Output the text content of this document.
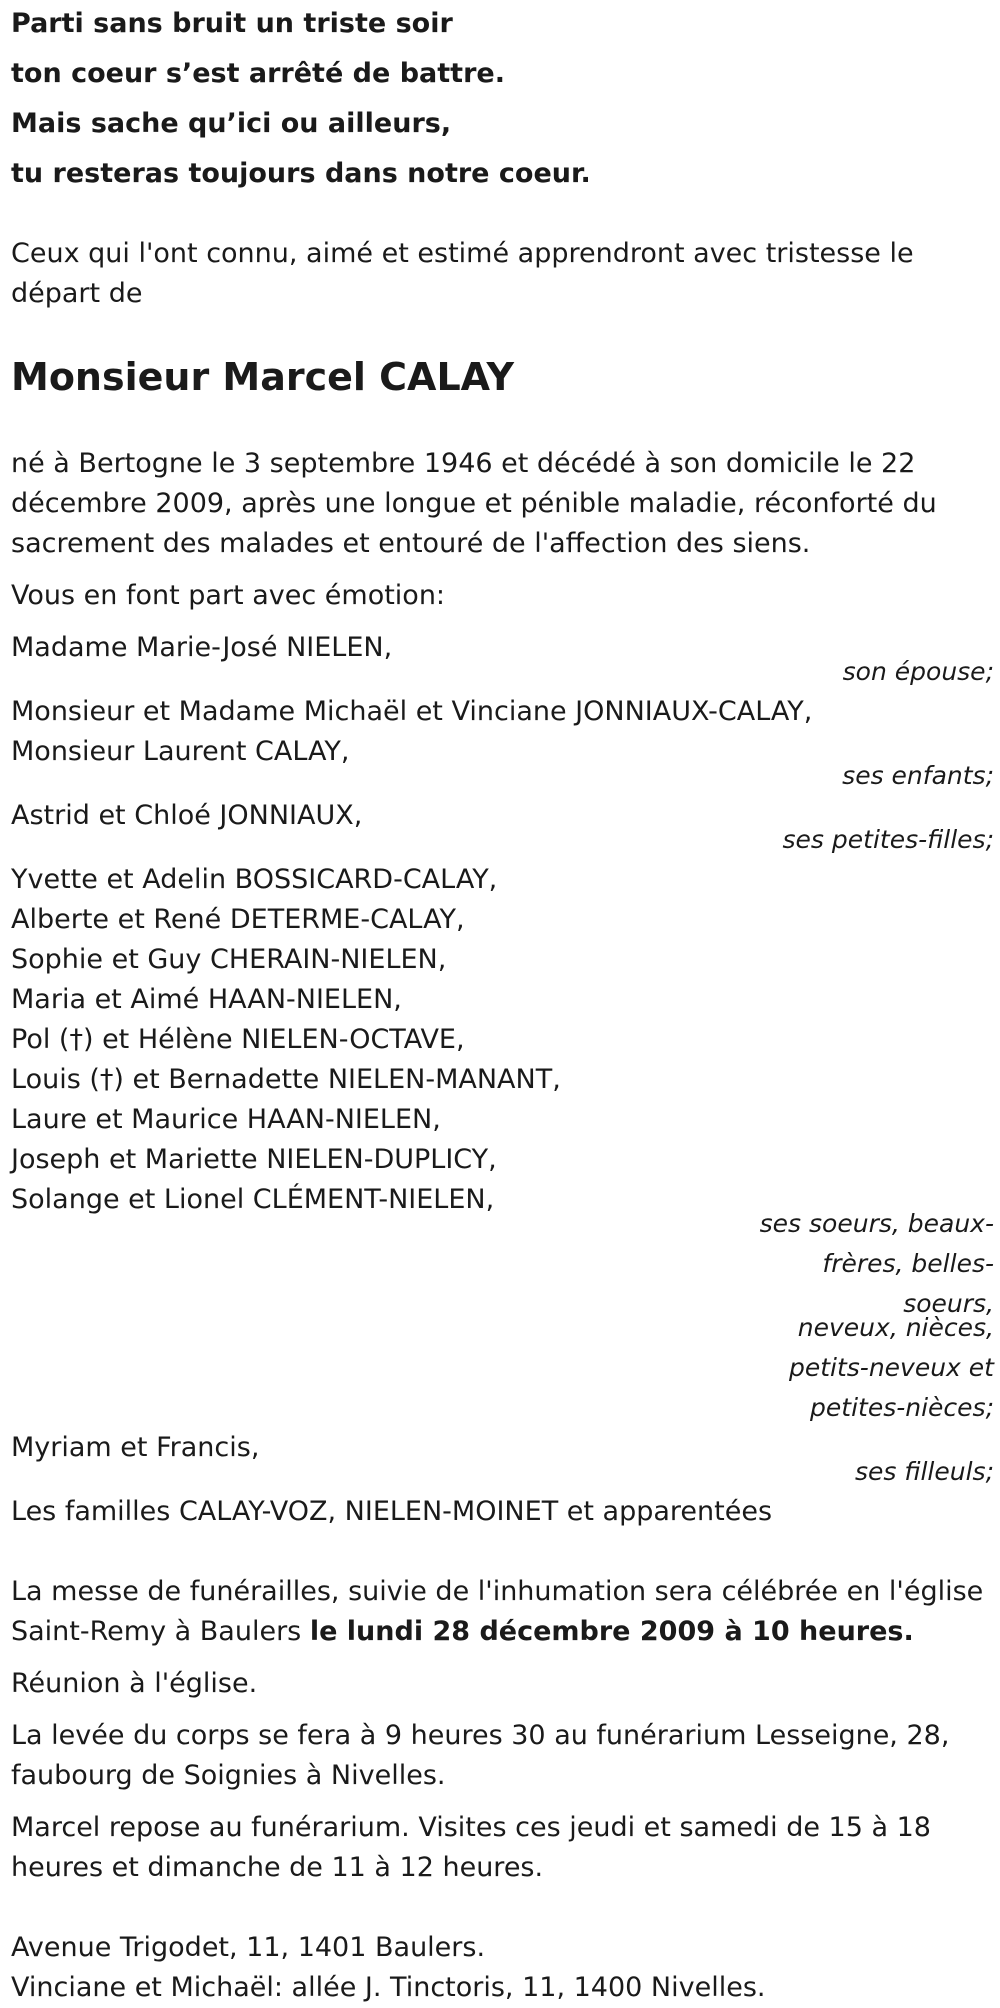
Parti sans bruit un triste soir
ton coeur s’est arrêté de battre.
Mais sache qu’ici ou ailleurs,
tu resteras toujours dans notre coeur.
Ceux qui l'ont connu, aimé et estimé apprendront avec tristesse le
départ de
Monsieur Marcel CALAY
né à Bertogne le 3 septembre 1946 et décédé à son domicile le 22
décembre 2009, après une longue et pénible maladie, réconforté du
sacrement des malades et entouré de l'affection des siens.
Vous en font part avec émotion:
Madame Marie-José NIELEN,
son épouse;
Monsieur et Madame Michaël et Vinciane JONNIAUX-CALAY,
Monsieur Laurent CALAY,
ses enfants;
Astrid et Chloé JONNIAUX,
ses petites-filles;
Yvette et Adelin BOSSICARD-CALAY,
Alberte et René DETERME-CALAY,
Sophie et Guy CHERAIN-NIELEN,
Maria et Aimé HAAN-NIELEN,
Pol (†) et Hélène NIELEN-OCTAVE,
Louis (†) et Bernadette NIELEN-MANANT,
Laure et Maurice HAAN-NIELEN,
Joseph et Mariette NIELEN-DUPLICY,
Solange et Lionel CLÉMENT-NIELEN,
ses soeurs, beaux-
frères, belles-
soeurs,
neveux, nièces,
petits-neveux et
petites-nièces;
Myriam et Francis,
ses filleuls;
Les familles CALAY-VOZ, NIELEN-MOINET et apparentées
La messe de funérailles, suivie de l'inhumation sera célébrée en l'église
Saint-Remy à Baulers le lundi 28 décembre 2009 à 10 heures.
Réunion à l'église.
La levée du corps se fera à 9 heures 30 au funérarium Lesseigne, 28,
faubourg de Soignies à Nivelles.
Marcel repose au funérarium. Visites ces jeudi et samedi de 15 à 18
heures et dimanche de 11 à 12 heures.
Avenue Trigodet, 11, 1401 Baulers.
Vinciane et Michaël: allée J. Tinctoris, 11, 1400 Nivelles.
